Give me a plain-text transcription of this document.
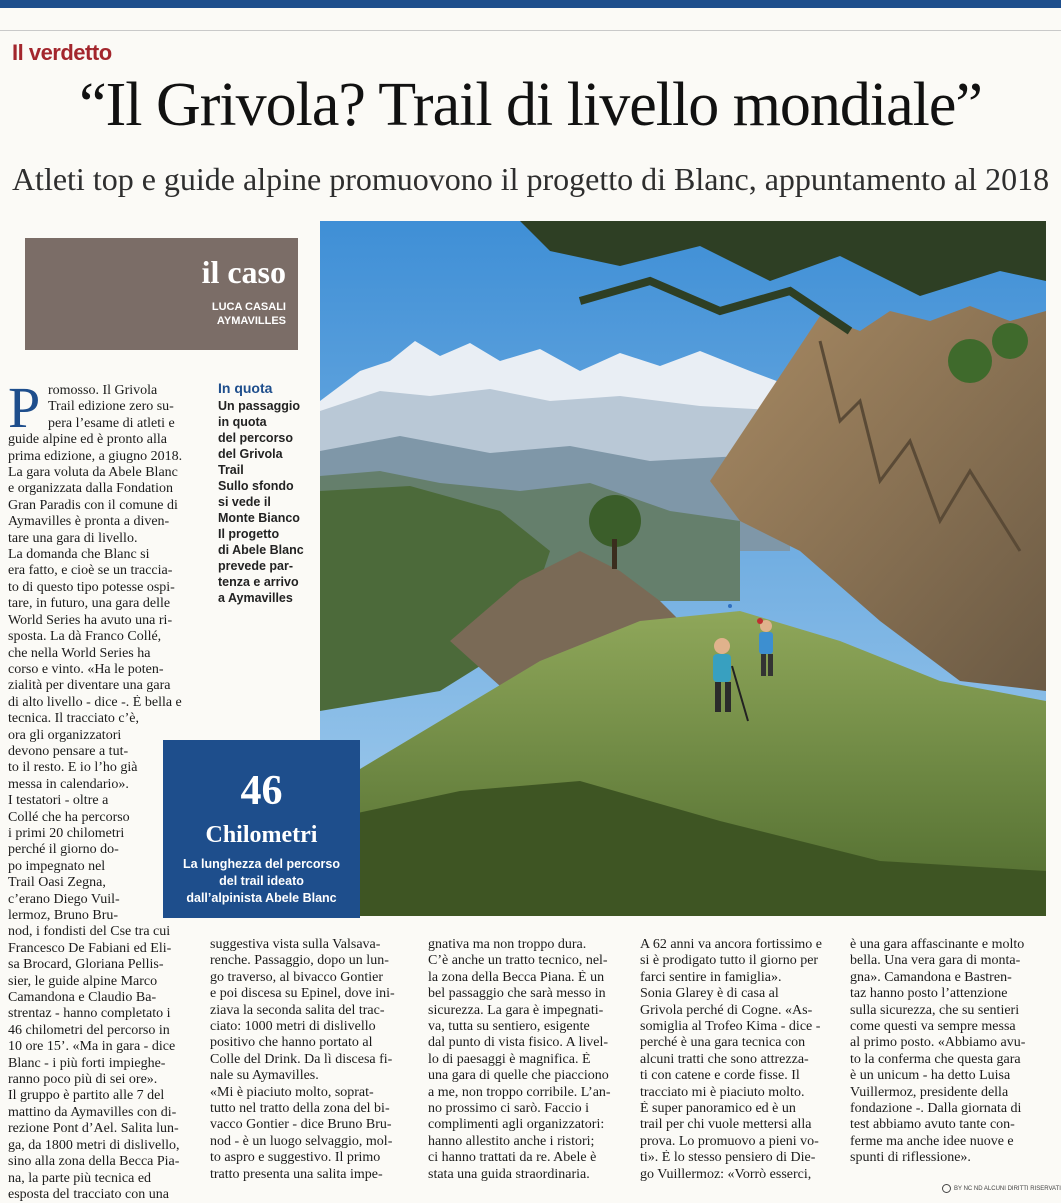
Il verdetto
“Il Grivola? Trail di livello mondiale”
Atleti top e guide alpine promuovono il progetto di Blanc, appuntamento al 2018
il caso
LUCA CASALI
AYMAVILLES
In quota
Un passaggio
in quota
del percorso
del Grivola
Trail
Sullo sfondo
si vede il
Monte Bianco
Il progetto
di Abele Blanc
prevede par-
tenza e arrivo
a Aymavilles
46
Chilometri
La lunghezza del percorso
del trail ideato
dall’alpinista Abele Blanc
P romosso. Il Grivola
Trail edizione zero su-
pera l’esame di atleti e
guide alpine ed è pronto alla
prima edizione, a giugno 2018.
La gara voluta da Abele Blanc
e organizzata dalla Fondation
Gran Paradis con il comune di
Aymavilles è pronta a diven-
tare una gara di livello.
La domanda che Blanc si
era fatto, e cioè se un traccia-
to di questo tipo potesse ospi-
tare, in futuro, una gara delle
World Series ha avuto una ri-
sposta. La dà Franco Collé,
che nella World Series ha
corso e vinto. «Ha le poten-
zialità per diventare una gara
di alto livello - dice -. È bella e
tecnica. Il tracciato c’è,
ora gli organizzatori
devono pensare a tut-
to il resto. E io l’ho già
messa in calendario».
I testatori - oltre a
Collé che ha percorso
i primi 20 chilometri
perché il giorno do-
po impegnato nel
Trail Oasi Zegna,
c’erano Diego Vuil-
lermoz, Bruno Bru-
nod, i fondisti del Cse tra cui
Francesco De Fabiani ed Eli-
sa Brocard, Gloriana Pellis-
sier, le guide alpine Marco
Camandona e Claudio Ba-
strentaz - hanno completato i
46 chilometri del percorso in
10 ore 15’. «Ma in gara - dice
Blanc - i più forti impieghe-
ranno poco più di sei ore».
Il gruppo è partito alle 7 del
mattino da Aymavilles con di-
rezione Pont d’Ael. Salita lun-
ga, da 1800 metri di dislivello,
sino alla zona della Becca Pia-
na, la parte più tecnica ed
esposta del tracciato con una
suggestiva vista sulla Valsava-
renche. Passaggio, dopo un lun-
go traverso, al bivacco Gontier
e poi discesa su Epinel, dove ini-
ziava la seconda salita del trac-
ciato: 1000 metri di dislivello
positivo che hanno portato al
Colle del Drink. Da lì discesa fi-
nale su Aymavilles.
«Mi è piaciuto molto, soprat-
tutto nel tratto della zona del bi-
vacco Gontier - dice Bruno Bru-
nod - è un luogo selvaggio, mol-
to aspro e suggestivo. Il primo
tratto presenta una salita impe-
gnativa ma non troppo dura.
C’è anche un tratto tecnico, nel-
la zona della Becca Piana. È un
bel passaggio che sarà messo in
sicurezza. La gara è impegnati-
va, tutta su sentiero, esigente
dal punto di vista fisico. A livel-
lo di paesaggi è magnifica. È
una gara di quelle che piacciono
a me, non troppo corribile. L’an-
no prossimo ci sarò. Faccio i
complimenti agli organizzatori:
hanno allestito anche i ristori;
ci hanno trattati da re. Abele è
stata una guida straordinaria.
A 62 anni va ancora fortissimo e
si è prodigato tutto il giorno per
farci sentire in famiglia».
Sonia Glarey è di casa al
Grivola perché di Cogne. «As-
somiglia al Trofeo Kima - dice -
perché è una gara tecnica con
alcuni tratti che sono attrezza-
ti con catene e corde fisse. Il
tracciato mi è piaciuto molto.
È super panoramico ed è un
trail per chi vuole mettersi alla
prova. Lo promuovo a pieni vo-
ti». È lo stesso pensiero di Die-
go Vuillermoz: «Vorrò esserci,
è una gara affascinante e molto
bella. Una vera gara di monta-
gna». Camandona e Bastren-
taz hanno posto l’attenzione
sulla sicurezza, che su sentieri
come questi va sempre messa
al primo posto. «Abbiamo avu-
to la conferma che questa gara
è un unicum - ha detto Luisa
Vuillermoz, presidente della
fondazione -. Dalla giornata di
test abbiamo avuto tante con-
ferme ma anche idee nuove e
spunti di riflessione».
BY NC ND ALCUNI DIRITTI RISERVATI
